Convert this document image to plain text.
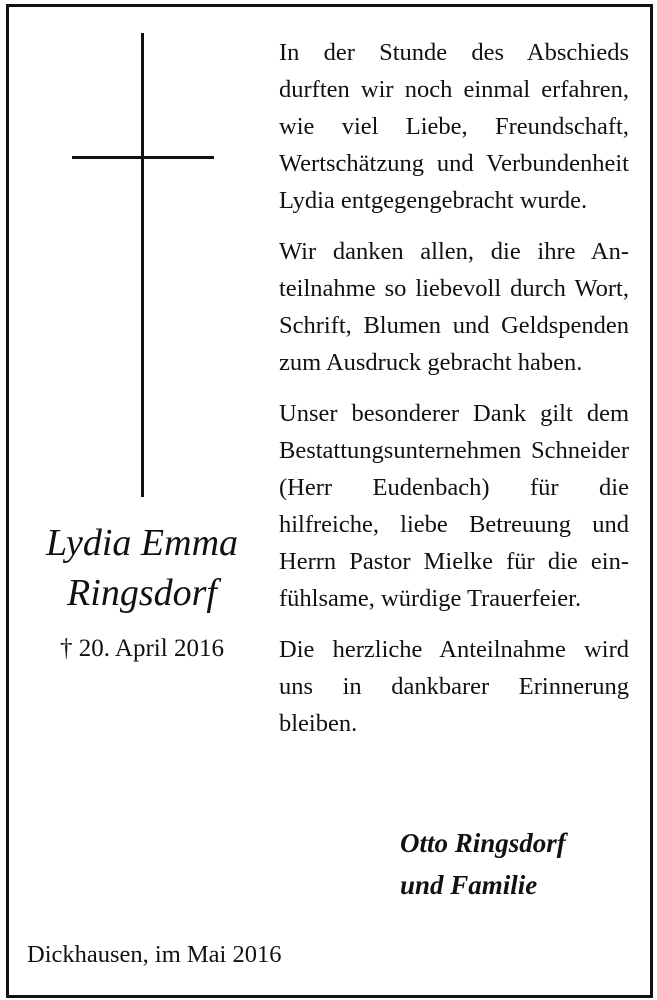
Lydia Emma
Ringsdorf
† 20. April 2016

In der Stunde des Abschieds durften wir noch einmal erfahren, wie viel Liebe, Freundschaft, Wertschätzung und Verbundenheit Lydia entgegengebracht wurde.

Wir danken allen, die ihre Anteilnahme so liebevoll durch Wort, Schrift, Blumen und Geldspenden zum Ausdruck gebracht haben.

Unser besonderer Dank gilt dem Bestattungsunternehmen Schneider (Herr Eudenbach) für die hilfreiche, liebe Betreuung und Herrn Pastor Mielke für die einfühlsame, würdige Trauerfeier.

Die herzliche Anteilnahme wird uns in dankbarer Erinnerung bleiben.

Otto Ringsdorf
und Familie
Dickhausen, im Mai 2016
